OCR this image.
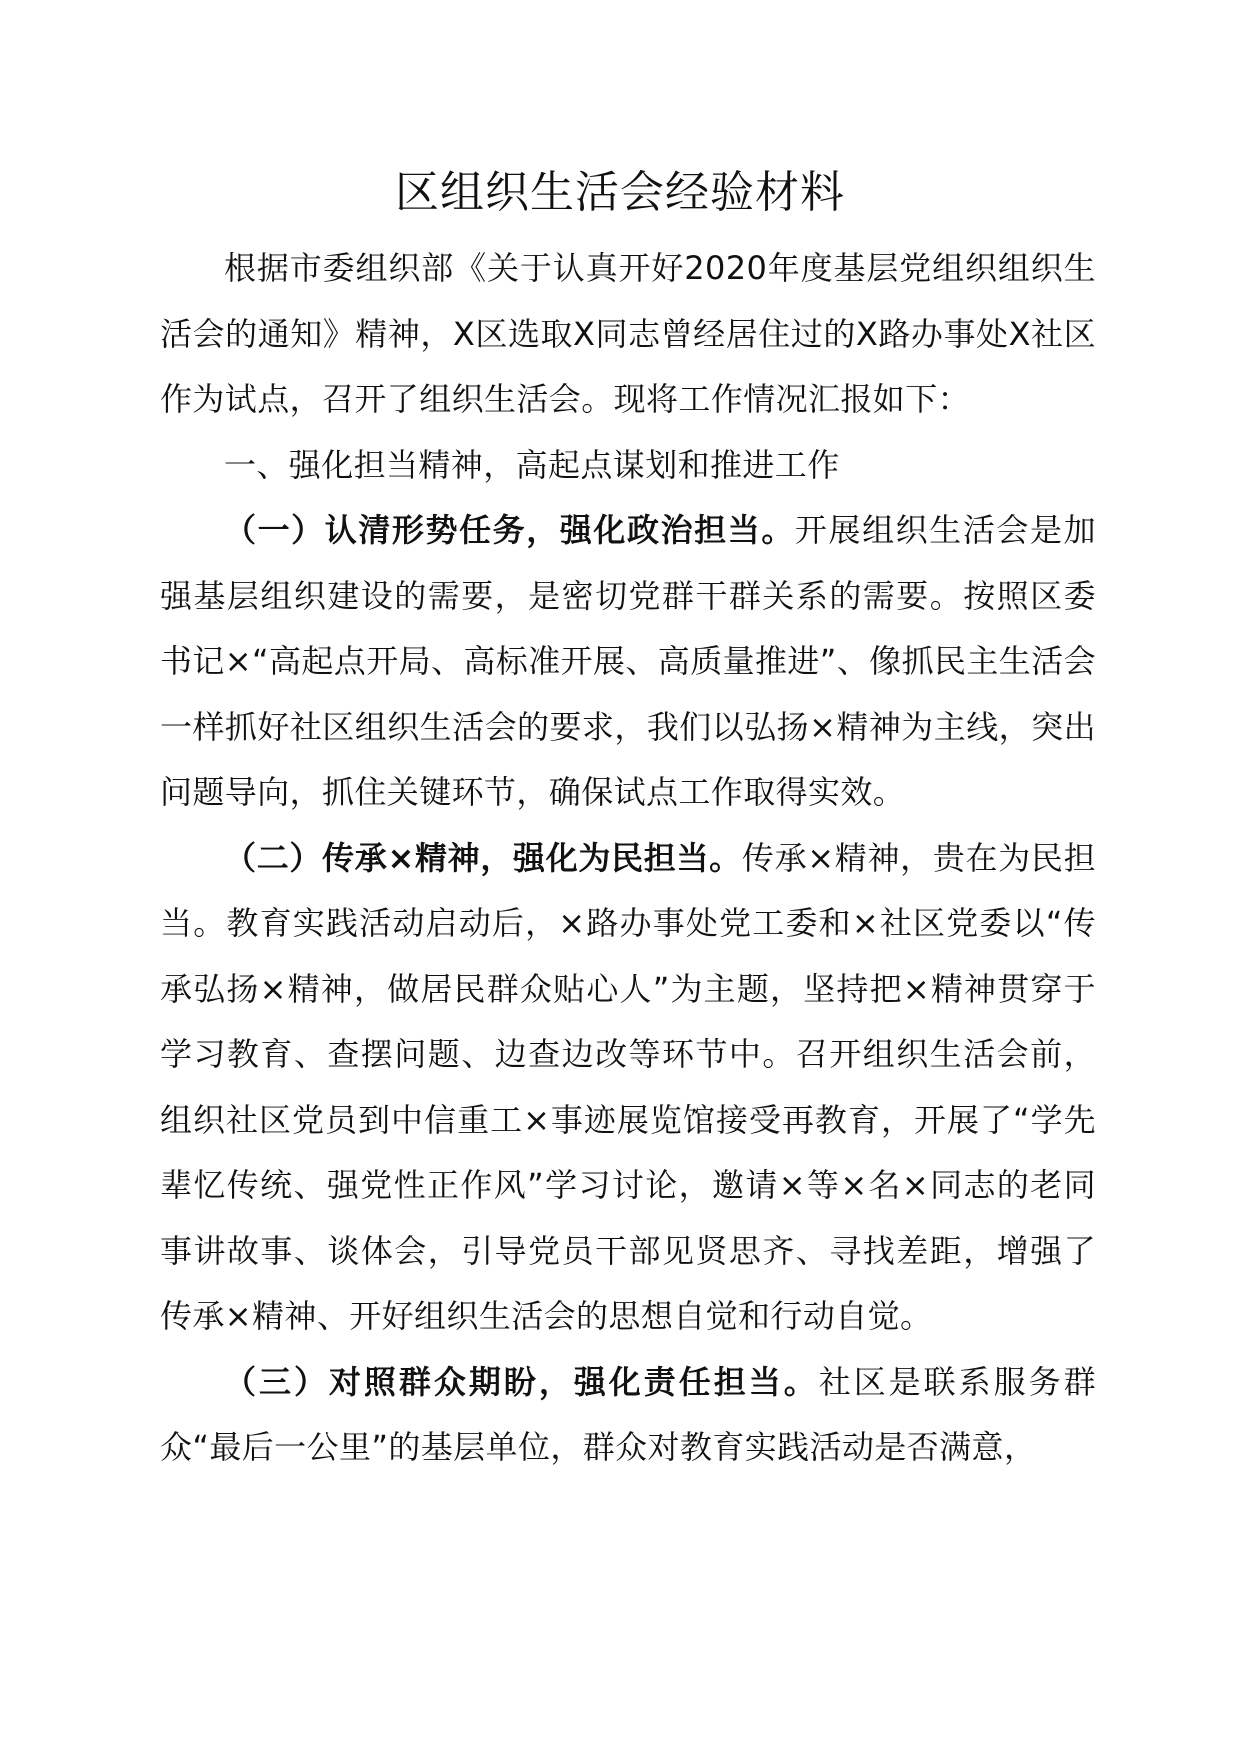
区组织生活会经验材料

根据市委组织部《关于认真开好2020年度基层党组织组织生活会的通知》精神，X区选取X同志曾经居住过的X路办事处X社区作为试点，召开了组织生活会。现将工作情况汇报如下：

一、强化担当精神，高起点谋划和推进工作

（一）认清形势任务，强化政治担当。开展组织生活会是加强基层组织建设的需要，是密切党群干群关系的需要。按照区委书记×“高起点开局、高标准开展、高质量推进”、像抓民主生活会一样抓好社区组织生活会的要求，我们以弘扬×精神为主线，突出问题导向，抓住关键环节，确保试点工作取得实效。

（二）传承×精神，强化为民担当。传承×精神，贵在为民担当。教育实践活动启动后，×路办事处党工委和×社区党委以“传承弘扬×精神，做居民群众贴心人”为主题，坚持把×精神贯穿于学习教育、查摆问题、边查边改等环节中。召开组织生活会前，组织社区党员到中信重工×事迹展览馆接受再教育，开展了“学先辈忆传统、强党性正作风”学习讨论，邀请×等×名×同志的老同事讲故事、谈体会，引导党员干部见贤思齐、寻找差距，增强了传承×精神、开好组织生活会的思想自觉和行动自觉。

（三）对照群众期盼，强化责任担当。社区是联系服务群众“最后一公里”的基层单位，群众对教育实践活动是否满意，
